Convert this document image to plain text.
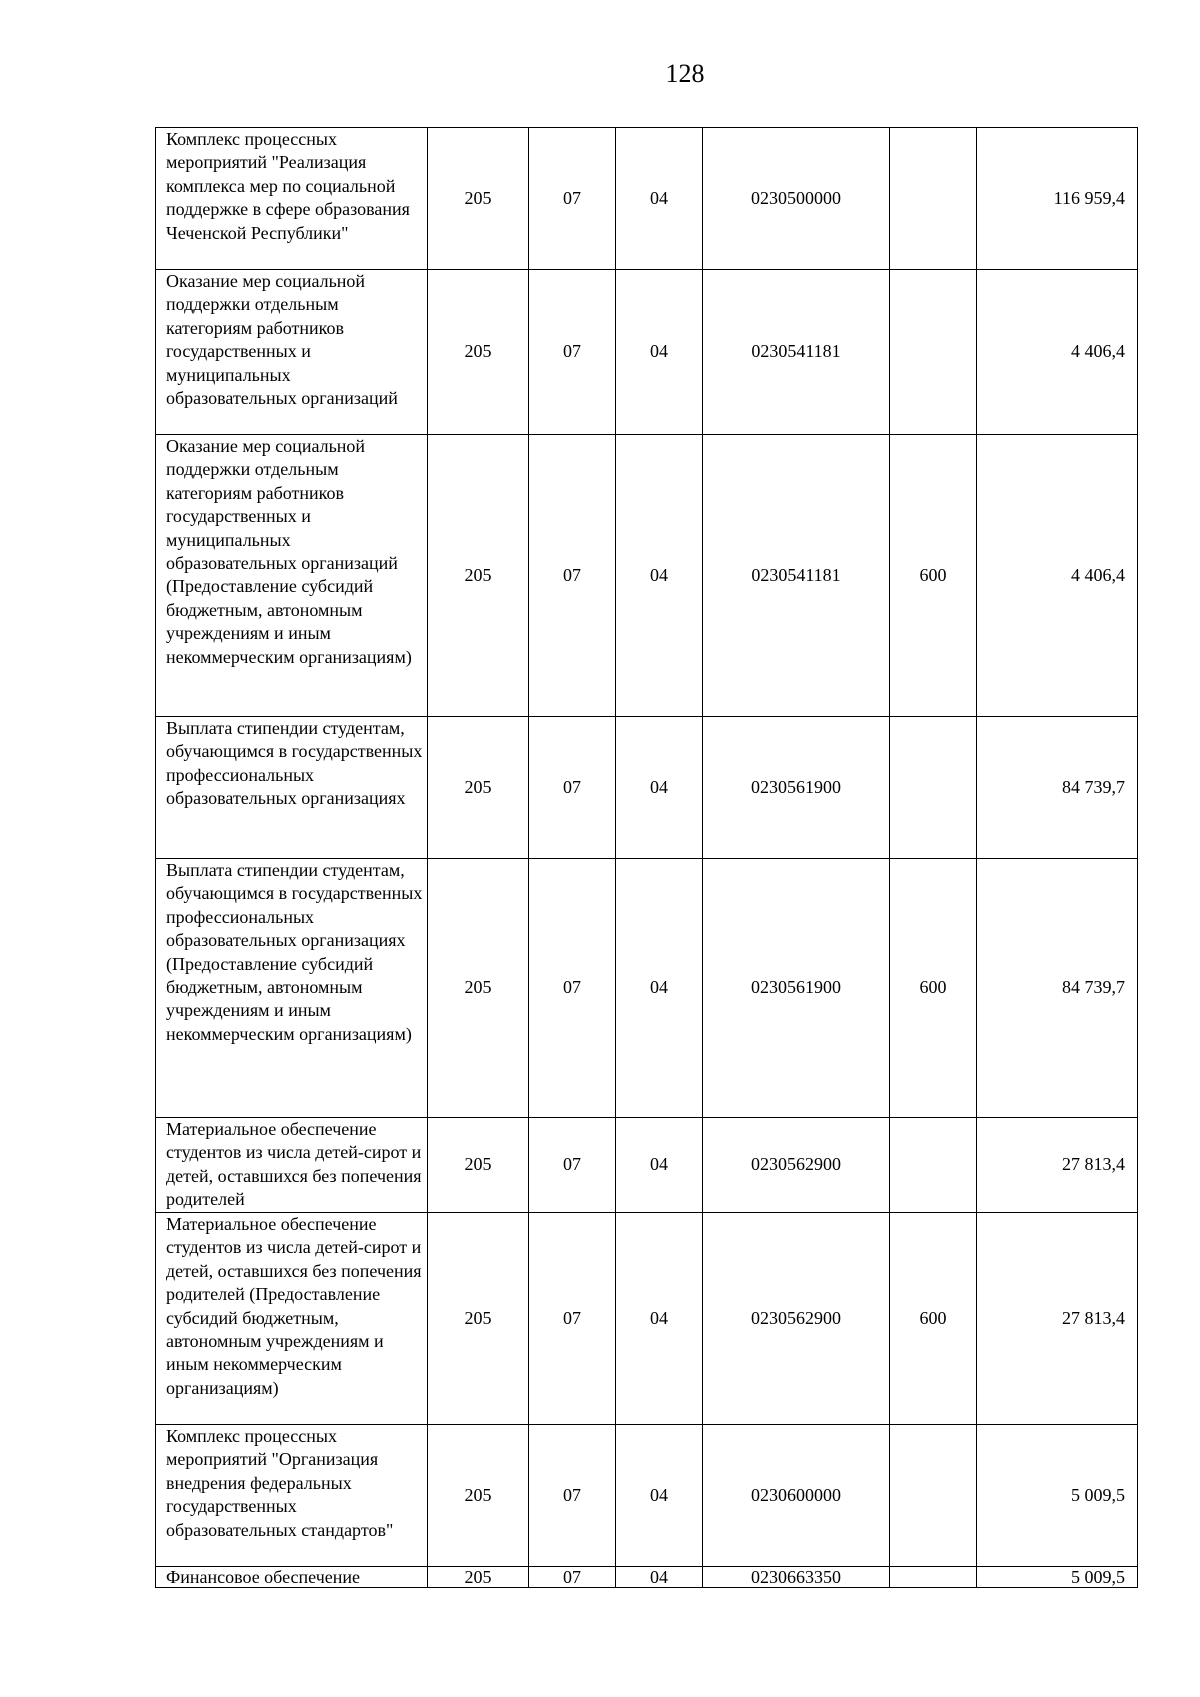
128
Комплекс процессных мероприятий "Реализация комплекса мер по социальной поддержке в сфере образования Чеченской Республики"	205	07	04	0230500000		116 959,4
Оказание мер социальной поддержки отдельным категориям работников государственных и муниципальных образовательных организаций	205	07	04	0230541181		4 406,4
Оказание мер социальной поддержки отдельным категориям работников государственных и муниципальных образовательных организаций (Предоставление субсидий бюджетным, автономным учреждениям и иным некоммерческим организациям)	205	07	04	0230541181	600	4 406,4
Выплата стипендии студентам, обучающимся в государственных профессиональных образовательных организациях	205	07	04	0230561900		84 739,7
Выплата стипендии студентам, обучающимся в государственных профессиональных образовательных организациях (Предоставление субсидий бюджетным, автономным учреждениям и иным некоммерческим организациям)	205	07	04	0230561900	600	84 739,7
Материальное обеспечение студентов из числа детей-сирот и детей, оставшихся без попечения родителей	205	07	04	0230562900		27 813,4
Материальное обеспечение студентов из числа детей-сирот и детей, оставшихся без попечения родителей (Предоставление субсидий бюджетным, автономным учреждениям и иным некоммерческим организациям)	205	07	04	0230562900	600	27 813,4
Комплекс процессных мероприятий "Организация внедрения федеральных государственных образовательных стандартов"	205	07	04	0230600000		5 009,5
Финансовое обеспечение	205	07	04	0230663350		5 009,5
